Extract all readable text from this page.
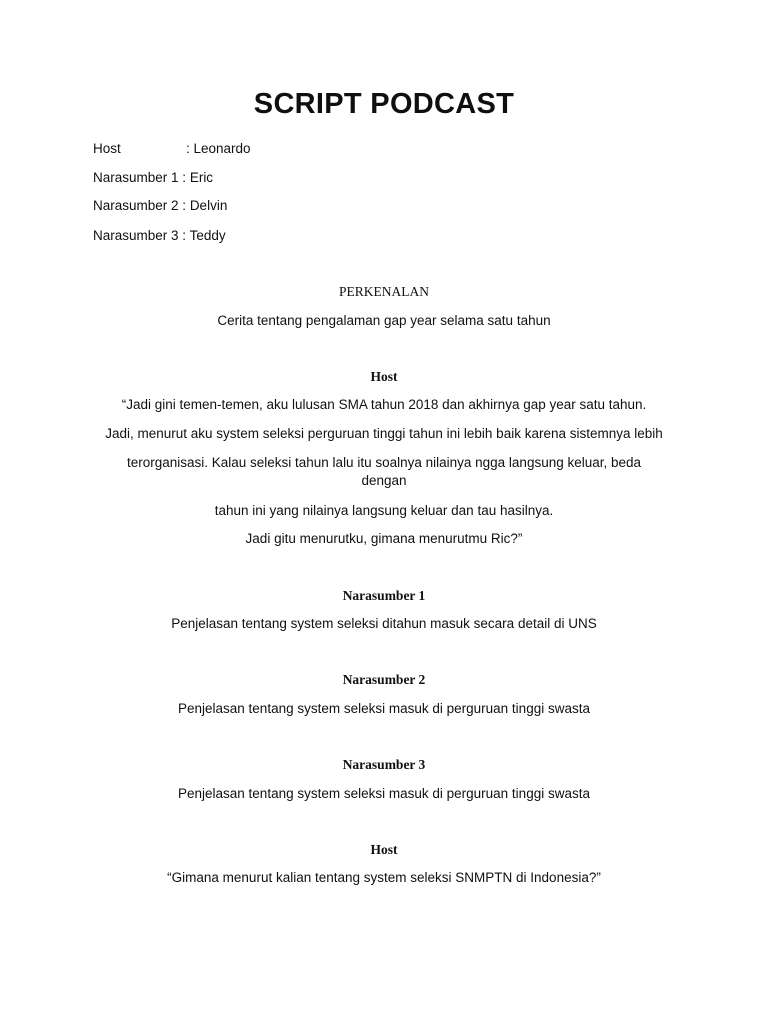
SCRIPT PODCAST
Host	: Leonardo
Narasumber 1 : Eric
Narasumber 2 : Delvin
Narasumber 3 : Teddy
PERKENALAN
Cerita tentang pengalaman gap year selama satu tahun
Host
“Jadi gini temen-temen, aku lulusan SMA tahun 2018 dan akhirnya gap year satu tahun.
Jadi, menurut aku system seleksi perguruan tinggi tahun ini lebih baik karena sistemnya lebih
terorganisasi. Kalau seleksi tahun lalu itu soalnya nilainya ngga langsung keluar, beda
dengan
tahun ini yang nilainya langsung keluar dan tau hasilnya.
Jadi gitu menurutku, gimana menurutmu Ric?”
Narasumber 1
Penjelasan tentang system seleksi ditahun masuk secara detail di UNS
Narasumber 2
Penjelasan tentang system seleksi masuk di perguruan tinggi swasta
Narasumber 3
Penjelasan tentang system seleksi masuk di perguruan tinggi swasta
Host
“Gimana menurut kalian tentang system seleksi SNMPTN di Indonesia?”
